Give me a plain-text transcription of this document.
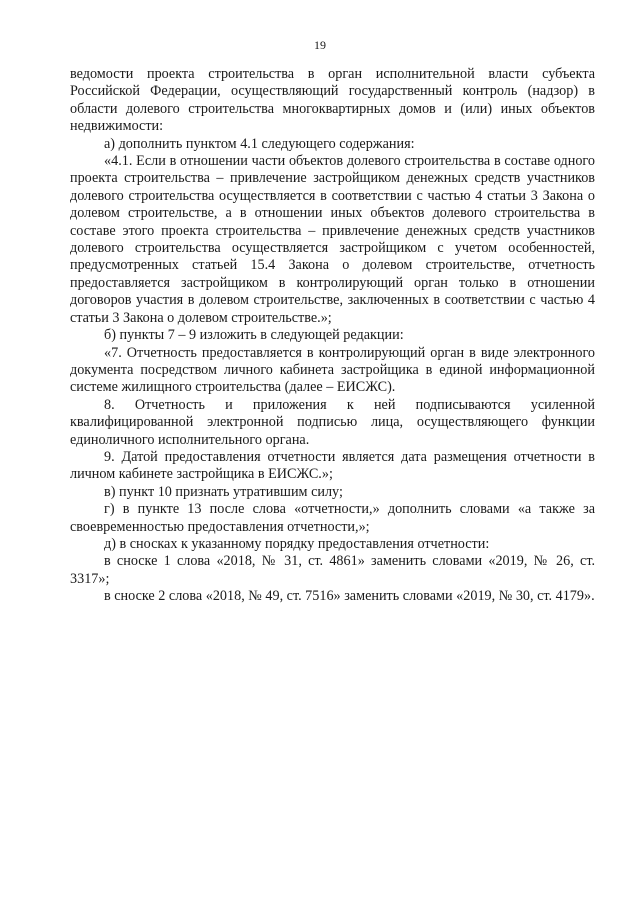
19

ведомости проекта строительства в орган исполнительной власти субъекта Российской Федерации, осуществляющий государственный контроль (надзор) в области долевого строительства многоквартирных домов и (или) иных объектов недвижимости:

а) дополнить пунктом 4.1 следующего содержания:

«4.1. Если в отношении части объектов долевого строительства в составе одного проекта строительства – привлечение застройщиком денежных средств участников долевого строительства осуществляется в соответствии с частью 4 статьи 3 Закона о долевом строительстве, а в отношении иных объектов долевого строительства в составе этого проекта строительства – привлечение денежных средств участников долевого строительства осуществляется застройщиком с учетом особенностей, предусмотренных статьей 15.4 Закона о долевом строительстве, отчетность предоставляется застройщиком в контролирующий орган только в отношении договоров участия в долевом строительстве, заключенных в соответствии с частью 4 статьи 3 Закона о долевом строительстве.»;

б) пункты 7 – 9 изложить в следующей редакции:

«7. Отчетность предоставляется в контролирующий орган в виде электронного документа посредством личного кабинета застройщика в единой информационной системе жилищного строительства (далее – ЕИСЖС).

8. Отчетность и приложения к ней подписываются усиленной квалифицированной электронной подписью лица, осуществляющего функции единоличного исполнительного органа.

9. Датой предоставления отчетности является дата размещения отчетности в личном кабинете застройщика в ЕИСЖС.»;

в) пункт 10 признать утратившим силу;

г) в пункте 13 после слова «отчетности,» дополнить словами «а также за своевременностью предоставления отчетности,»;

д) в сносках к указанному порядку предоставления отчетности:

в сноске 1 слова «2018, № 31, ст. 4861» заменить словами «2019, № 26, ст. 3317»;

в сноске 2 слова «2018, № 49, ст. 7516» заменить словами «2019, № 30, ст. 4179».
